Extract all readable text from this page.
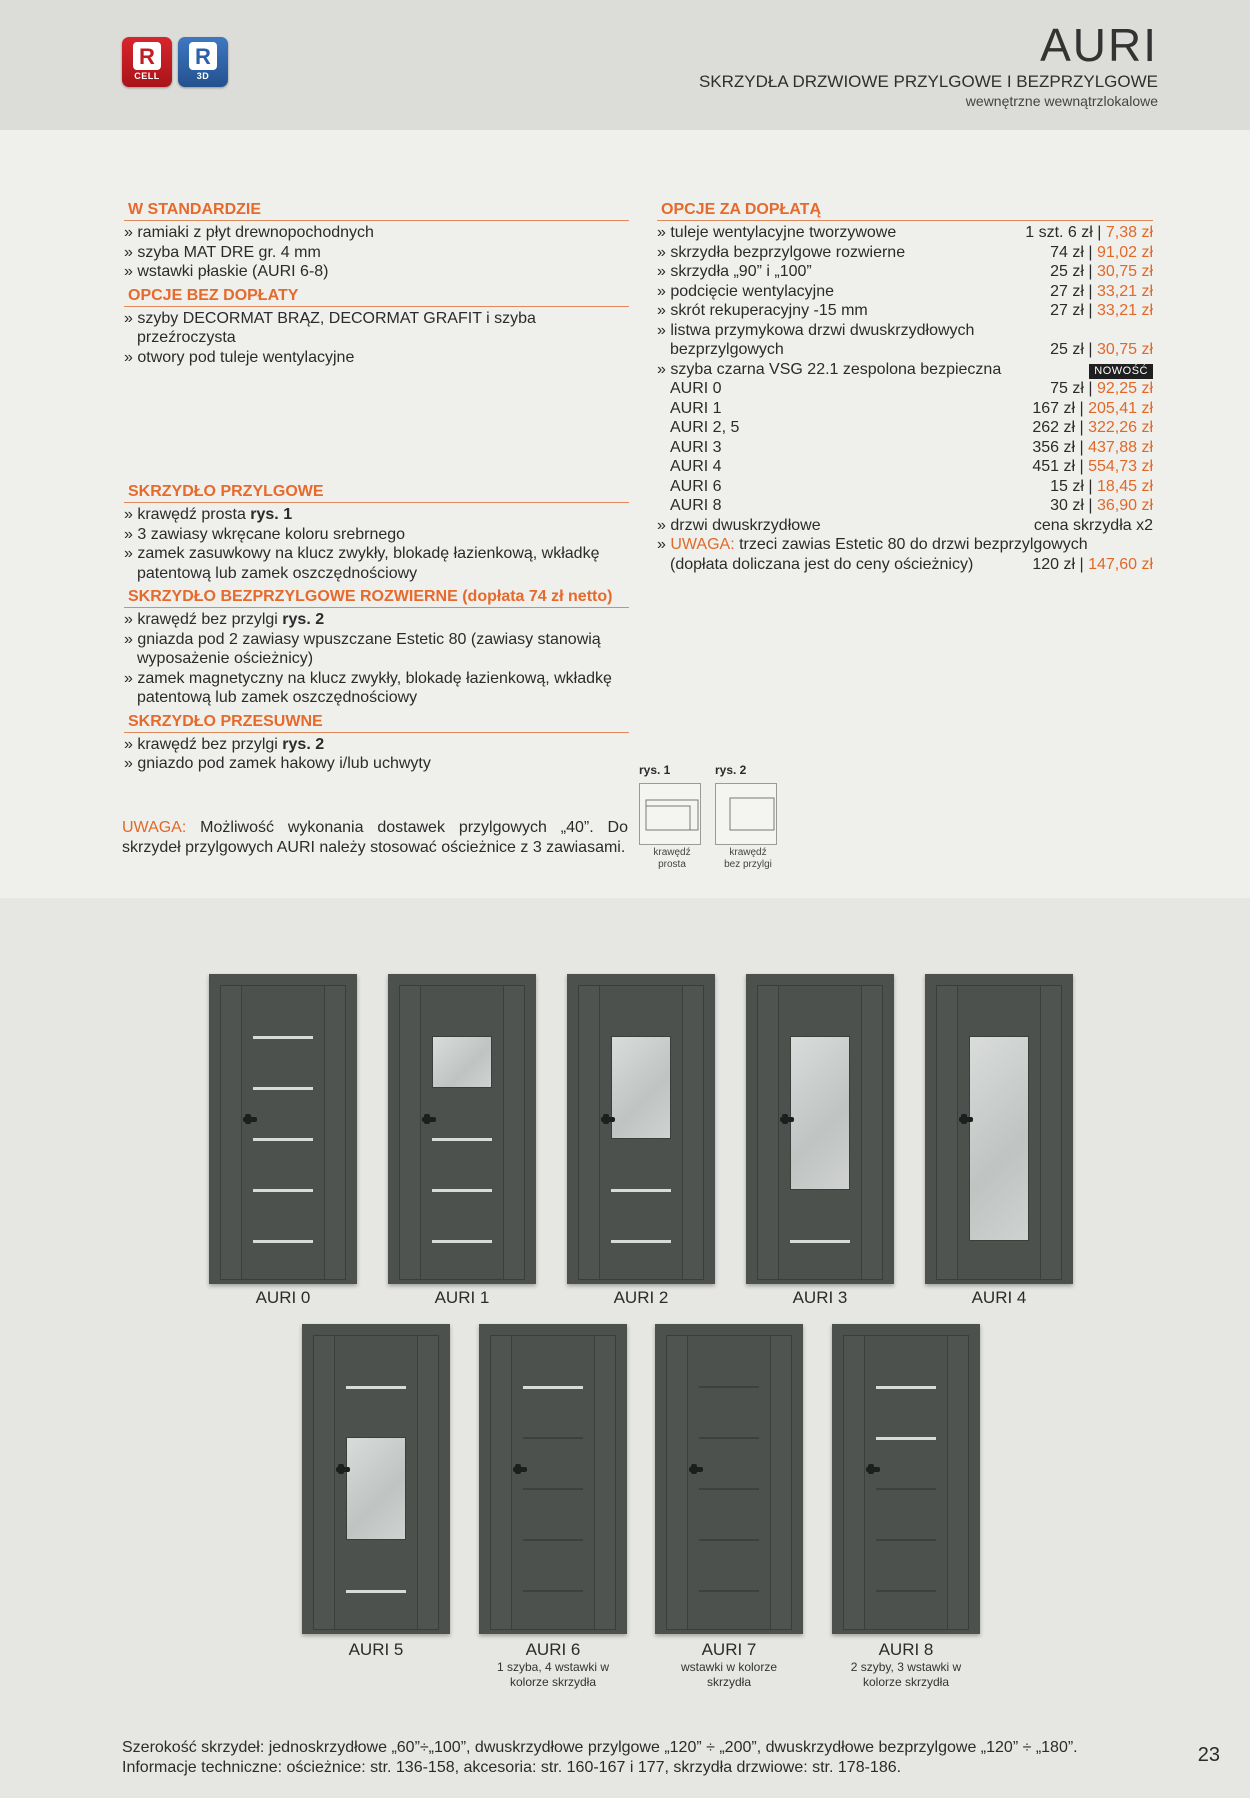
R
CELL
R
3D
AURI
SKRZYDŁA DRZWIOWE PRZYLGOWE I BEZPRZYLGOWE
wewnętrzne wewnątrzlokalowe
W STANDARDZIE
» ramiaki z płyt drewnopochodnych
» szyba MAT DRE gr. 4 mm
» wstawki płaskie (AURI 6-8)
OPCJE BEZ DOPŁATY
» szyby DECORMAT BRĄZ, DECORMAT GRAFIT i szyba przeźroczysta
» otwory pod tuleje wentylacyjne
SKRZYDŁO PRZYLGOWE
» krawędź prosta rys. 1
» 3 zawiasy wkręcane koloru srebrnego
» zamek zasuwkowy na klucz zwykły, blokadę łazienkową, wkładkę patentową lub zamek oszczędnościowy
SKRZYDŁO BEZPRZYLGOWE ROZWIERNE (dopłata 74 zł netto)
» krawędź bez przylgi rys. 2
» gniazda pod 2 zawiasy wpuszczane Estetic 80 (zawiasy stanowią wyposażenie ościeżnicy)
» zamek magnetyczny na klucz zwykły, blokadę łazienkową, wkładkę patentową lub zamek oszczędnościowy
SKRZYDŁO PRZESUWNE
» krawędź bez przylgi rys. 2
» gniazdo pod zamek hakowy i/lub uchwyty
OPCJE ZA DOPŁATĄ
» tuleje wentylacyjne tworzywowe	1 szt. 6 zł | 7,38 zł
» skrzydła bezprzylgowe rozwierne	74 zł | 91,02 zł
» skrzydła „90” i „100”	25 zł | 30,75 zł
» podcięcie wentylacyjne	27 zł | 33,21 zł
» skrót rekuperacyjny -15 mm	27 zł | 33,21 zł
» listwa przymykowa drzwi dwuskrzydłowych
bezprzylgowych	25 zł | 30,75 zł
» szyba czarna VSG 22.1 zespolona bezpieczna	NOWOŚĆ
AURI 0	75 zł | 92,25 zł
AURI 1	167 zł | 205,41 zł
AURI 2, 5	262 zł | 322,26 zł
AURI 3	356 zł | 437,88 zł
AURI 4	451 zł | 554,73 zł
AURI 6	15 zł | 18,45 zł
AURI 8	30 zł | 36,90 zł
» drzwi dwuskrzydłowe	cena skrzydła x2
» UWAGA: trzeci zawias Estetic 80 do drzwi bezprzylgowych
(dopłata doliczana jest do ceny ościeżnicy)	120 zł | 147,60 zł
UWAGA: Możliwość wykonania dostawek przylgowych „40”. Do skrzydeł przylgowych AURI należy stosować ościeżnice z 3 zawiasami.
rys. 1
krawędź
prosta
rys. 2
krawędź
bez przylgi
AURI 0	AURI 1	AURI 2	AURI 3	AURI 4
AURI 5	AURI 6	AURI 7	AURI 8
1 szyba, 4 wstawki w
kolorze skrzydła
wstawki w kolorze
skrzydła
2 szyby, 3 wstawki w
kolorze skrzydła
Szerokość skrzydeł: jednoskrzydłowe „60”÷„100”, dwuskrzydłowe przylgowe „120” ÷ „200”, dwuskrzydłowe bezprzylgowe „120” ÷ „180”.
Informacje techniczne: ościeżnice: str. 136-158, akcesoria: str. 160-167 i 177, skrzydła drzwiowe: str. 178-186.
23
